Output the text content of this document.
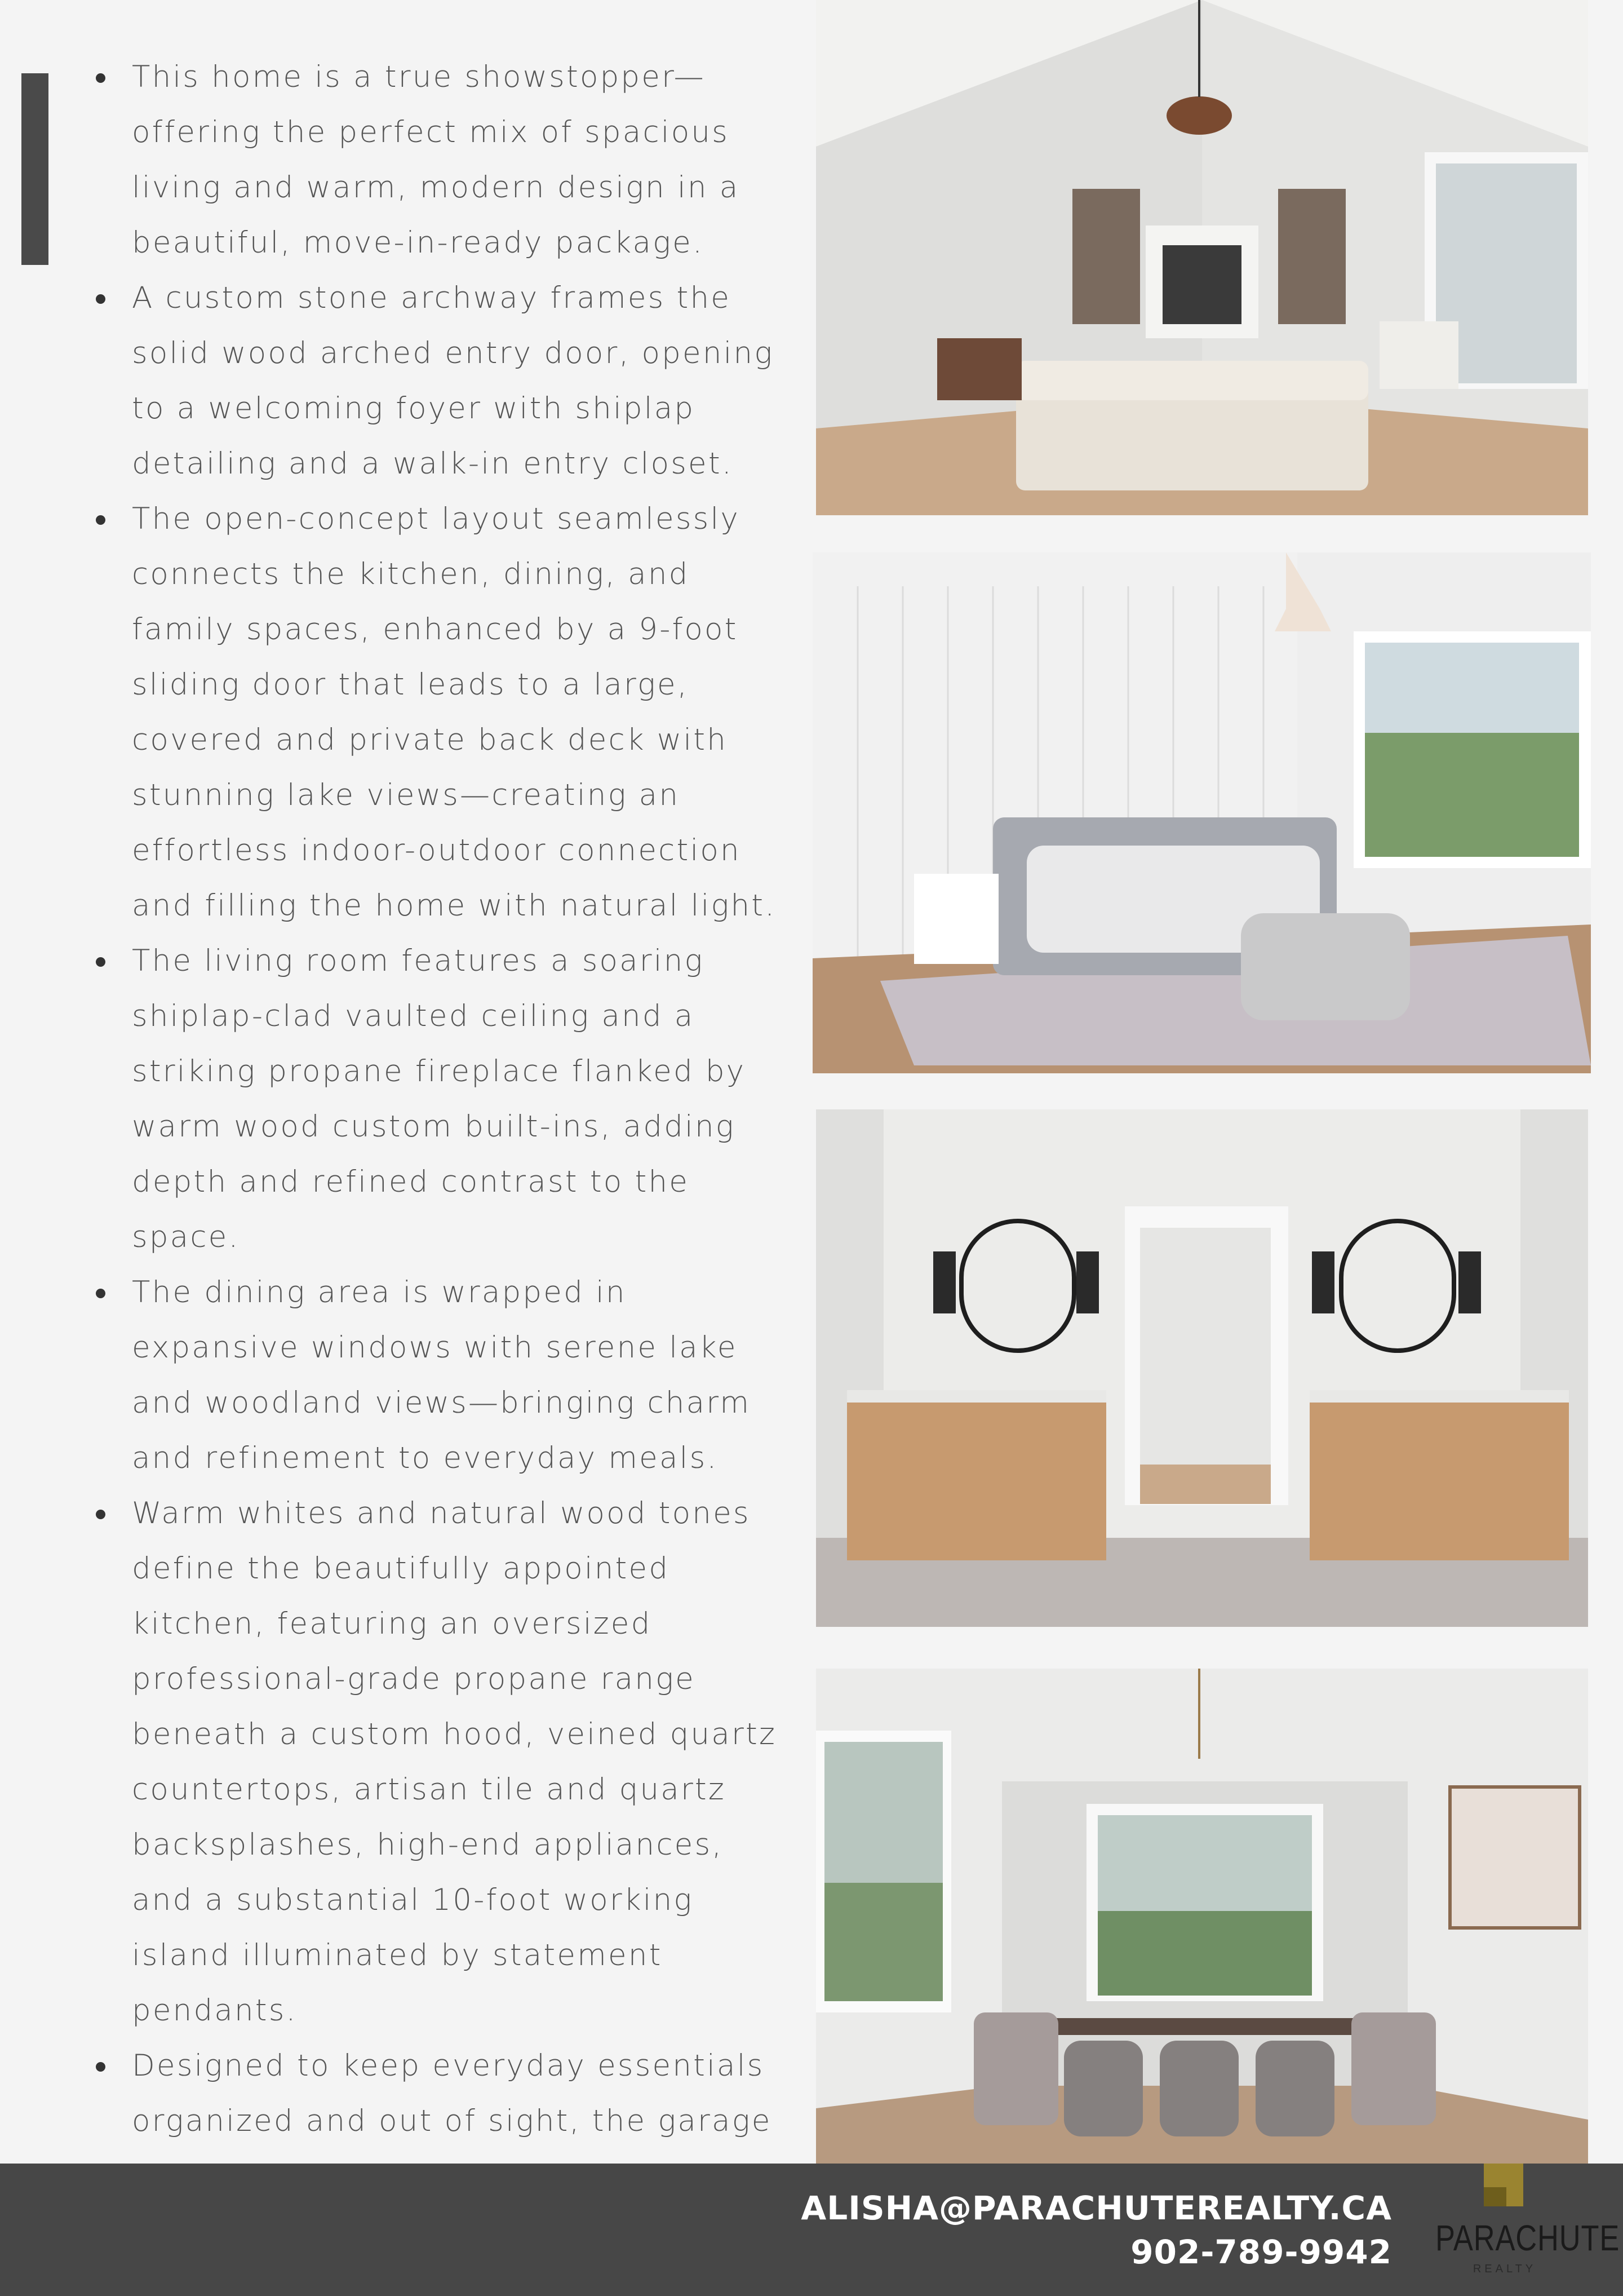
This home is a true showstopper—offering the perfect mix of spacious living and warm, modern design in a beautiful, move-in-ready package.
A custom stone archway frames the solid wood arched entry door, opening to a welcoming foyer with shiplap detailing and a walk-in entry closet.
The open-concept layout seamlessly connects the kitchen, dining, and family spaces, enhanced by a 9-foot sliding door that leads to a large, covered and private back deck with stunning lake views—creating an effortless indoor-outdoor connection and filling the home with natural light.
The living room features a soaring shiplap-clad vaulted ceiling and a striking propane fireplace flanked by warm wood custom built-ins, adding depth and refined contrast to the space.
The dining area is wrapped in expansive windows with serene lake and woodland views—bringing charm and refinement to everyday meals.
Warm whites and natural wood tones define the beautifully appointed kitchen, featuring an oversized professional-grade propane range beneath a custom hood, veined quartz countertops, artisan tile and quartz backsplashes, high-end appliances, and a substantial 10-foot working island illuminated by statement pendants.
Designed to keep everyday essentials organized and out of sight, the garage
ALISHA@PARACHUTEREALTY.CA
902-789-9942 PARACHUTE
REALTY
